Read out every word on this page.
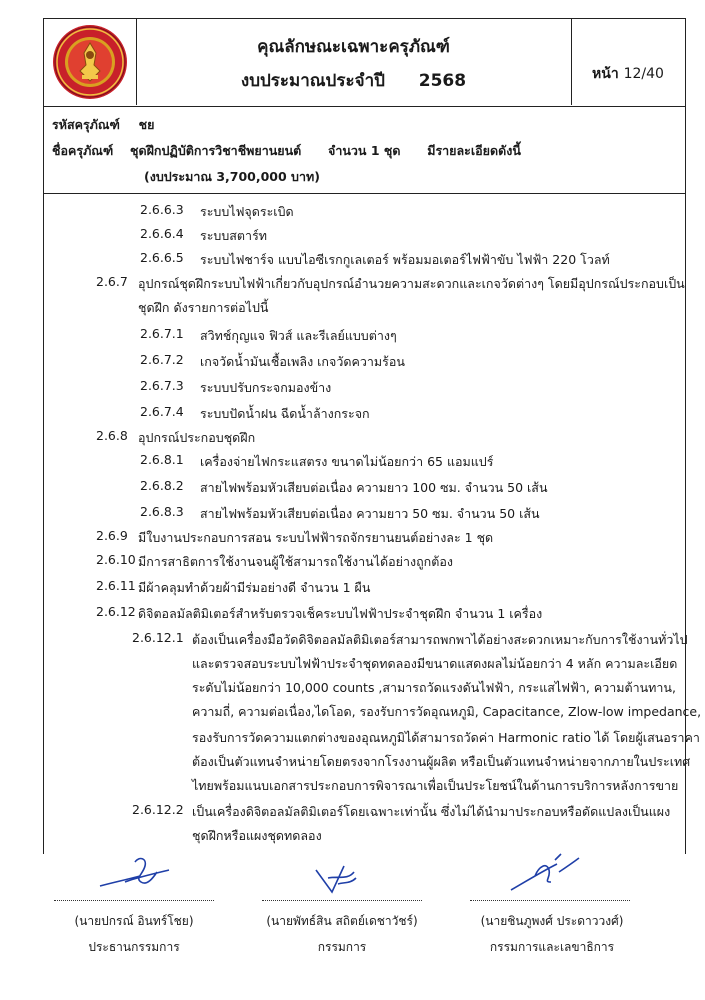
คุณลักษณะเฉพาะครุภัณฑ์
งบประมาณประจำปี 2568	หน้า 12/40
รหัสครุภัณฑ์ ชย
ชื่อครุภัณฑ์ ชุดฝึกปฏิบัติการวิชาชีพยานยนต์ จำนวน 1 ชุด มีรายละเอียดดังนี้
(งบประมาณ 3,700,000 บาท)
2.6.6.3 ระบบไฟจุดระเบิด
2.6.6.4 ระบบสตาร์ท
2.6.6.5 ระบบไฟชาร์จ แบบไอซีเรกกูเลเตอร์ พร้อมมอเตอร์ไฟฟ้าขับ ไฟฟ้า 220 โวลท์
2.6.7 อุปกรณ์ชุดฝึกระบบไฟฟ้าเกี่ยวกับอุปกรณ์อำนวยความสะดวกและเกจวัดต่างๆ โดยมีอุปกรณ์ประกอบเป็น
ชุดฝึก ดังรายการต่อไปนี้
2.6.7.1 สวิทช์กุญแจ ฟิวส์ และรีเลย์แบบต่างๆ
2.6.7.2 เกจวัดน้ำมันเชื้อเพลิง เกจวัดความร้อน
2.6.7.3 ระบบปรับกระจกมองข้าง
2.6.7.4 ระบบปัดน้ำฝน ฉีดน้ำล้างกระจก
2.6.8 อุปกรณ์ประกอบชุดฝึก
2.6.8.1 เครื่องจ่ายไฟกระแสตรง ขนาดไม่น้อยกว่า 65 แอมแปร์
2.6.8.2 สายไฟพร้อมหัวเสียบต่อเนื่อง ความยาว 100 ซม. จำนวน 50 เส้น
2.6.8.3 สายไฟพร้อมหัวเสียบต่อเนื่อง ความยาว 50 ซม. จำนวน 50 เส้น
2.6.9 มีใบงานประกอบการสอน ระบบไฟฟ้ารถจักรยานยนต์อย่างละ 1 ชุด
2.6.10 มีการสาธิตการใช้งานจนผู้ใช้สามารถใช้งานได้อย่างถูกต้อง
2.6.11 มีผ้าคลุมทำด้วยผ้ามีร่มอย่างดี จำนวน 1 ผืน
2.6.12 ดิจิตอลมัลติมิเตอร์สำหรับตรวจเช็คระบบไฟฟ้าประจำชุดฝึก จำนวน 1 เครื่อง
2.6.12.1 ต้องเป็นเครื่องมือวัดดิจิตอลมัลติมิเตอร์สามารถพกพาได้อย่างสะดวกเหมาะกับการใช้งานทั่วไป
และตรวจสอบระบบไฟฟ้าประจำชุดทดลองมีขนาดแสดงผลไม่น้อยกว่า 4 หลัก ความละเอียด
ระดับไม่น้อยกว่า 10,000 counts ,สามารถวัดแรงดันไฟฟ้า, กระแสไฟฟ้า, ความต้านทาน,
ความถี่, ความต่อเนื่อง,ไดโอด, รองรับการวัดอุณหภูมิ, Capacitance, Zlow-low impedance,
รองรับการวัดความแตกต่างของอุณหภูมิได้สามารถวัดค่า Harmonic ratio ได้ โดยผู้เสนอราคา
ต้องเป็นตัวแทนจำหน่ายโดยตรงจากโรงงานผู้ผลิต หรือเป็นตัวแทนจำหน่ายจากภายในประเทศ
ไทยพร้อมแนบเอกสารประกอบการพิจารณาเพื่อเป็นประโยชน์ในด้านการบริการหลังการขาย
2.6.12.2 เป็นเครื่องดิจิตอลมัลติมิเตอร์โดยเฉพาะเท่านั้น ซึ่งไม่ได้นำมาประกอบหรือดัดแปลงเป็นแผง
ชุดฝึกหรือแผงชุดทดลอง
(นายปกรณ์ อินทร์โชย)
ประธานกรรมการ
(นายพัทธ์สิน สถิตย์เดชาวัชร์)
กรรมการ
(นายชินภูพงศ์ ประดาววงศ์)
กรรมการและเลขาธิการ
